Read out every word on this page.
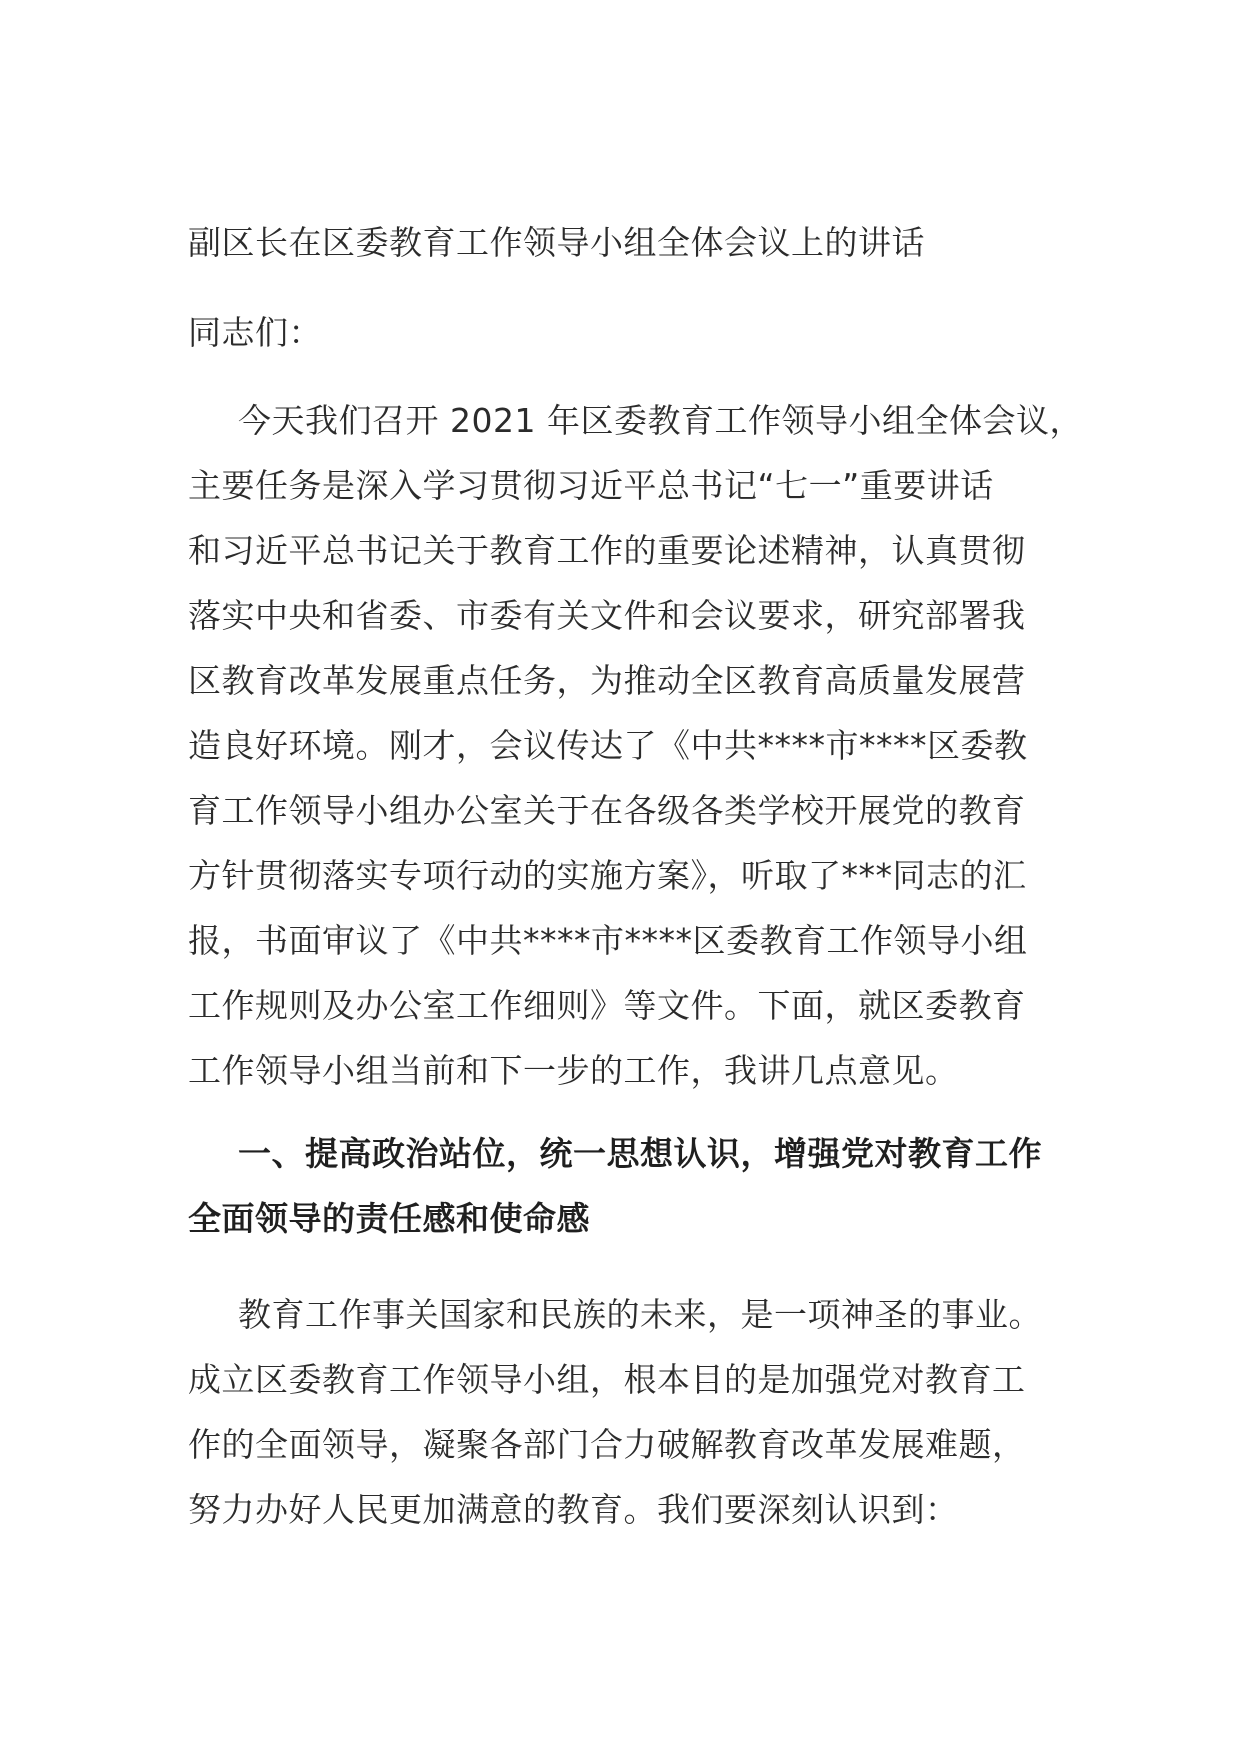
副区长在区委教育工作领导小组全体会议上的讲话
同志们：
今天我们召开 2021 年区委教育工作领导小组全体会议，
主要任务是深入学习贯彻习近平总书记“七一”重要讲话
和习近平总书记关于教育工作的重要论述精神，认真贯彻
落实中央和省委、市委有关文件和会议要求，研究部署我
区教育改革发展重点任务，为推动全区教育高质量发展营
造良好环境。刚才，会议传达了《中共****市****区委教
育工作领导小组办公室关于在各级各类学校开展党的教育
方针贯彻落实专项行动的实施方案》，听取了***同志的汇
报，书面审议了《中共****市****区委教育工作领导小组
工作规则及办公室工作细则》等文件。下面，就区委教育
工作领导小组当前和下一步的工作，我讲几点意见。
一、提高政治站位，统一思想认识，增强党对教育工作
全面领导的责任感和使命感
教育工作事关国家和民族的未来，是一项神圣的事业。
成立区委教育工作领导小组，根本目的是加强党对教育工
作的全面领导，凝聚各部门合力破解教育改革发展难题，
努力办好人民更加满意的教育。我们要深刻认识到：
